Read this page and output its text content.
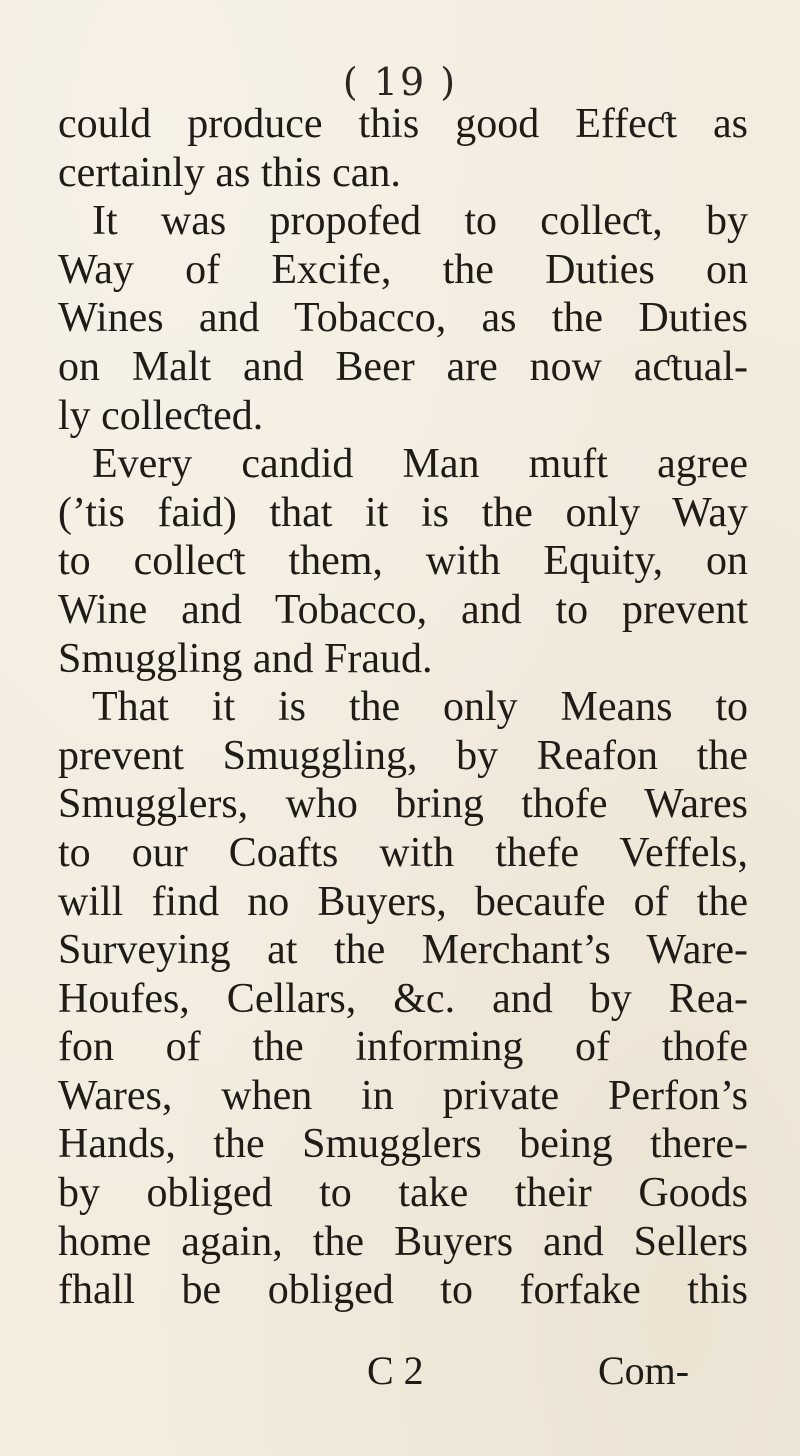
( 19 )
could produce this good Effeƈt as
certainly as this can.
It was propofed to colleƈt, by
Way of Excife, the Duties on
Wines and Tobacco, as the Duties
on Malt and Beer are now aƈtual-
ly colleƈted.
Every candid Man muft agree
(’tis faid) that it is the only Way
to colleƈt them, with Equity, on
Wine and Tobacco, and to prevent
Smuggling and Fraud.
That it is the only Means to
prevent Smuggling, by Reafon the
Smugglers, who bring thofe Wares
to our Coafts with thefe Veffels,
will find no Buyers, becaufe of the
Surveying at the Merchant’s Ware-
Houfes, Cellars, &c. and by Rea-
fon of the informing of thofe
Wares, when in private Perfon’s
Hands, the Smugglers being there-
by obliged to take their Goods
home again, the Buyers and Sellers
fhall be obliged to forfake this
C 2	Com-
